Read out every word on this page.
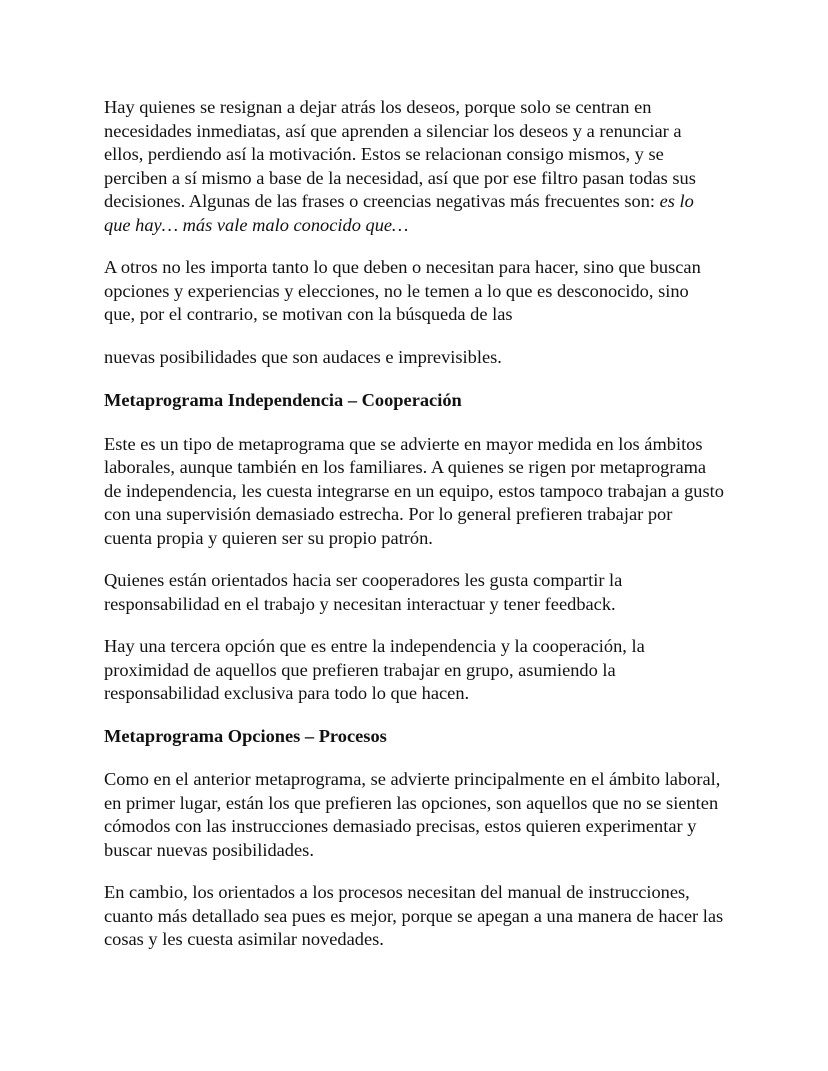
Hay quienes se resignan a dejar atrás los deseos, porque solo se centran en necesidades inmediatas, así que aprenden a silenciar los deseos y a renunciar a ellos, perdiendo así la motivación. Estos se relacionan consigo mismos, y se perciben a sí mismo a base de la necesidad, así que por ese filtro pasan todas sus decisiones. Algunas de las frases o creencias negativas más frecuentes son: es lo que hay… más vale malo conocido que…

A otros no les importa tanto lo que deben o necesitan para hacer, sino que buscan opciones y experiencias y elecciones, no le temen a lo que es desconocido, sino que, por el contrario, se motivan con la búsqueda de las

nuevas posibilidades que son audaces e imprevisibles.

Metaprograma Independencia – Cooperación

Este es un tipo de metaprograma que se advierte en mayor medida en los ámbitos laborales, aunque también en los familiares. A quienes se rigen por metaprograma de independencia, les cuesta integrarse en un equipo, estos tampoco trabajan a gusto con una supervisión demasiado estrecha. Por lo general prefieren trabajar por cuenta propia y quieren ser su propio patrón.

Quienes están orientados hacia ser cooperadores les gusta compartir la responsabilidad en el trabajo y necesitan interactuar y tener feedback.

Hay una tercera opción que es entre la independencia y la cooperación, la proximidad de aquellos que prefieren trabajar en grupo, asumiendo la responsabilidad exclusiva para todo lo que hacen.

Metaprograma Opciones – Procesos

Como en el anterior metaprograma, se advierte principalmente en el ámbito laboral, en primer lugar, están los que prefieren las opciones, son aquellos que no se sienten cómodos con las instrucciones demasiado precisas, estos quieren experimentar y buscar nuevas posibilidades.

En cambio, los orientados a los procesos necesitan del manual de instrucciones, cuanto más detallado sea pues es mejor, porque se apegan a una manera de hacer las cosas y les cuesta asimilar novedades.
